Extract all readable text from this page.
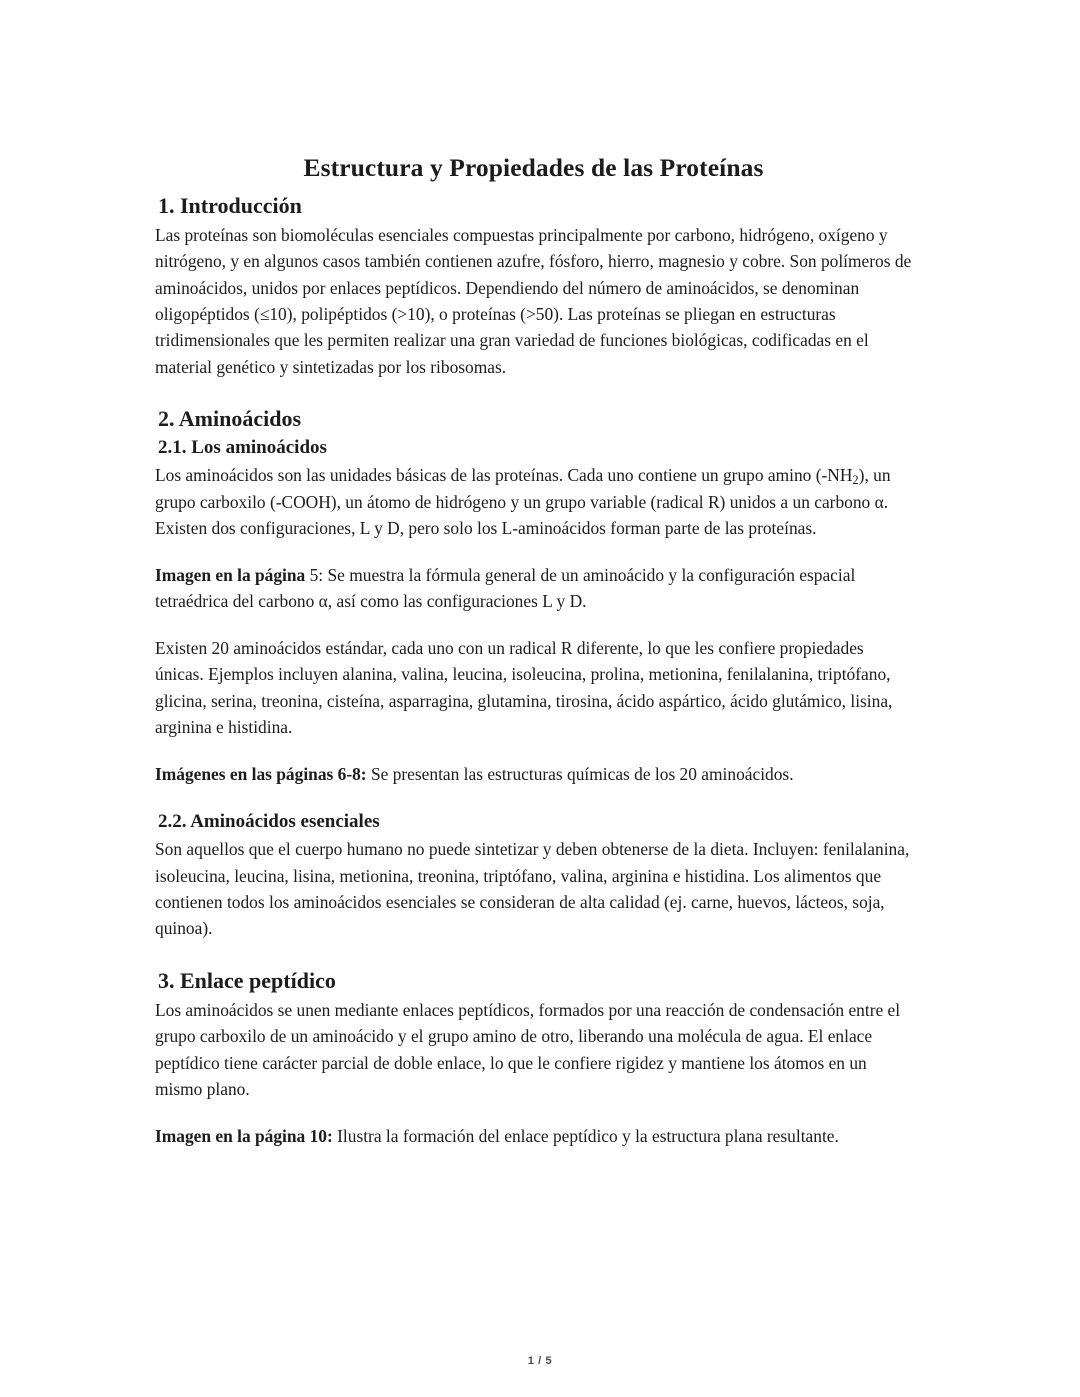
Estructura y Propiedades de las Proteínas
1. Introducción

Las proteínas son biomoléculas esenciales compuestas principalmente por carbono, hidrógeno, oxígeno y nitrógeno, y en algunos casos también contienen azufre, fósforo, hierro, magnesio y cobre. Son polímeros de aminoácidos, unidos por enlaces peptídicos. Dependiendo del número de aminoácidos, se denominan oligopéptidos (≤10), polipéptidos (>10), o proteínas (>50). Las proteínas se pliegan en estructuras tridimensionales que les permiten realizar una gran variedad de funciones biológicas, codificadas en el material genético y sintetizadas por los ribosomas.

2. Aminoácidos
2.1. Los aminoácidos

Los aminoácidos son las unidades básicas de las proteínas. Cada uno contiene un grupo amino $(-NH_2)$, un grupo carboxilo (-COOH), un átomo de hidrógeno y un grupo variable (radical R) unidos a un carbono α. Existen dos configuraciones, L y D, pero solo los L-aminoácidos forman parte de las proteínas.

Imagen en la página 5: Se muestra la fórmula general de un aminoácido y la configuración espacial tetraédrica del carbono α, así como las configuraciones L y D.

Existen 20 aminoácidos estándar, cada uno con un radical R diferente, lo que les confiere propiedades únicas. Ejemplos incluyen alanina, valina, leucina, isoleucina, prolina, metionina, fenilalanina, triptófano, glicina, serina, treonina, cisteína, asparragina, glutamina, tirosina, ácido aspártico, ácido glutámico, lisina, arginina e histidina.

Imágenes en las páginas 6-8: Se presentan las estructuras químicas de los 20 aminoácidos.

2.2. Aminoácidos esenciales

Son aquellos que el cuerpo humano no puede sintetizar y deben obtenerse de la dieta. Incluyen: fenilalanina, isoleucina, leucina, lisina, metionina, treonina, triptófano, valina, arginina e histidina. Los alimentos que contienen todos los aminoácidos esenciales se consideran de alta calidad (ej. carne, huevos, lácteos, soja, quinoa).

3. Enlace peptídico

Los aminoácidos se unen mediante enlaces peptídicos, formados por una reacción de condensación entre el grupo carboxilo de un aminoácido y el grupo amino de otro, liberando una molécula de agua. El enlace peptídico tiene carácter parcial de doble enlace, lo que le confiere rigidez y mantiene los átomos en un mismo plano.

Imagen en la página 10: Ilustra la formación del enlace peptídico y la estructura plana resultante.

1 / 5
